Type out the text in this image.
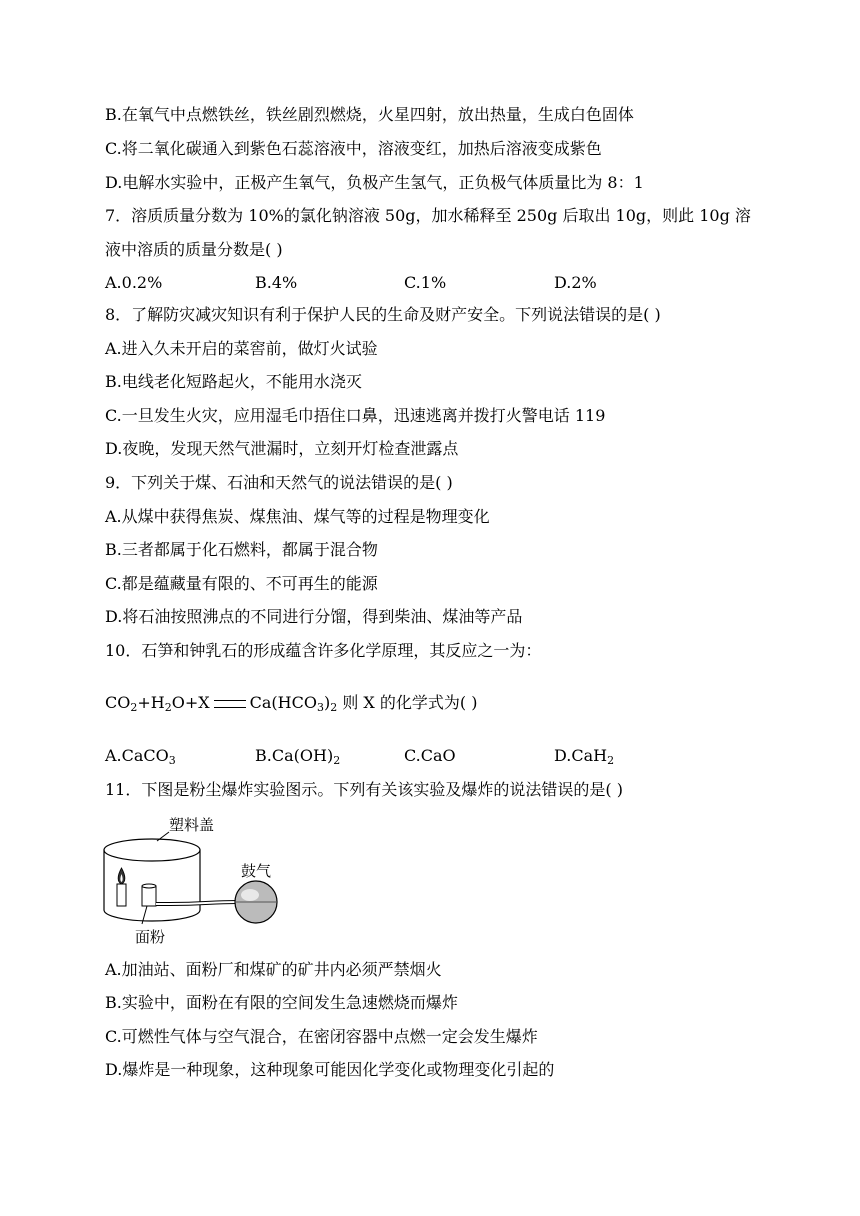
B.在氧气中点燃铁丝，铁丝剧烈燃烧，火星四射，放出热量，生成白色固体
C.将二氧化碳通入到紫色石蕊溶液中，溶液变红，加热后溶液变成紫色
D.电解水实验中，正极产生氧气，负极产生氢气，正负极气体质量比为 8：1
7．溶质质量分数为 10%的氯化钠溶液 50g，加水稀释至 250g 后取出 10g，则此 10g 溶
液中溶质的质量分数是( )
A.0.2%	B.4%	C.1%	D.2%
8．了解防灾减灾知识有利于保护人民的生命及财产安全。下列说法错误的是( )
A.进入久未开启的菜窖前，做灯火试验
B.电线老化短路起火，不能用水浇灭
C.一旦发生火灾，应用湿毛巾捂住口鼻，迅速逃离并拨打火警电话 119
D.夜晚，发现天然气泄漏时，立刻开灯检查泄露点
9．下列关于煤、石油和天然气的说法错误的是( )
A.从煤中获得焦炭、煤焦油、煤气等的过程是物理变化
B.三者都属于化石燃料，都属于混合物
C.都是蕴藏量有限的、不可再生的能源
D.将石油按照沸点的不同进行分馏，得到柴油、煤油等产品
10．石笋和钟乳石的形成蕴含许多化学原理，其反应之一为：
$CO_2+H_2O+X$	$Ca(HCO_3)_2$ 则 X 的化学式为( )
A.CaCO$_3$	$B.Ca(OH)_2$	C.CaO	D.CaH$_2$
11．下图是粉尘爆炸实验图示。下列有关该实验及爆炸的说法错误的是( )
塑料盖
鼓气
面粉
A.加油站、面粉厂和煤矿的矿井内必须严禁烟火
B.实验中，面粉在有限的空间发生急速燃烧而爆炸
C.可燃性气体与空气混合，在密闭容器中点燃一定会发生爆炸
D.爆炸是一种现象，这种现象可能因化学变化或物理变化引起的
